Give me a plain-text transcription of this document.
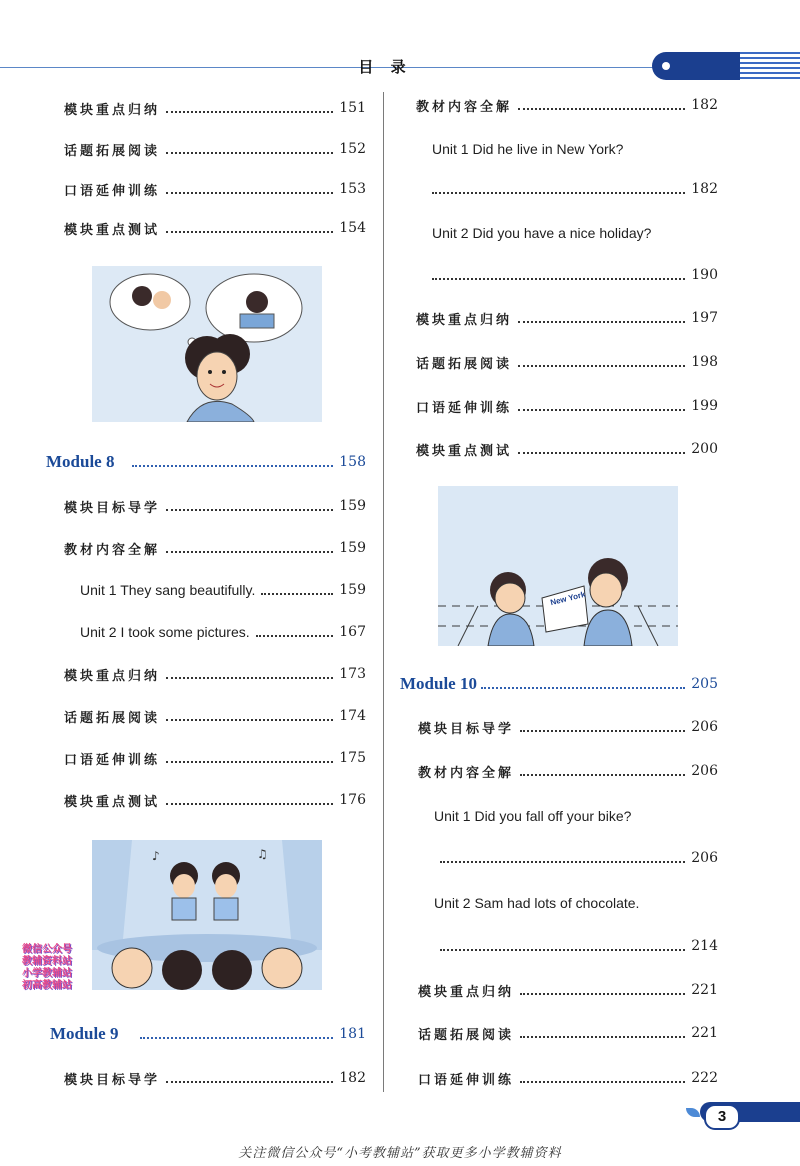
目 录
模块重点归纳	151
话题拓展阅读	152
口语延伸训练	153
模块重点测试	154
Module 8	158
模块目标导学	159
教材内容全解	159
Unit 1 They sang beautifully.	159
Unit 2 I took some pictures.	167
模块重点归纳	173
话题拓展阅读	174
口语延伸训练	175
模块重点测试	176
♪	♫
Module 9	181
模块目标导学	182
教材内容全解	182
Unit 1 Did he live in New York?
182
Unit 2 Did you have a nice holiday?
190
模块重点归纳	197
话题拓展阅读	198
口语延伸训练	199
模块重点测试	200
New York
Module 10	205
模块目标导学	206
教材内容全解	206
Unit 1 Did you fall off your bike?
206
Unit 2 Sam had lots of chocolate.
214
模块重点归纳	221
话题拓展阅读	221
口语延伸训练	222
微信公众号
教辅资料站
小学教辅站
初高教辅站
3
关注微信公众号“小考教辅站”获取更多小学教辅资料
